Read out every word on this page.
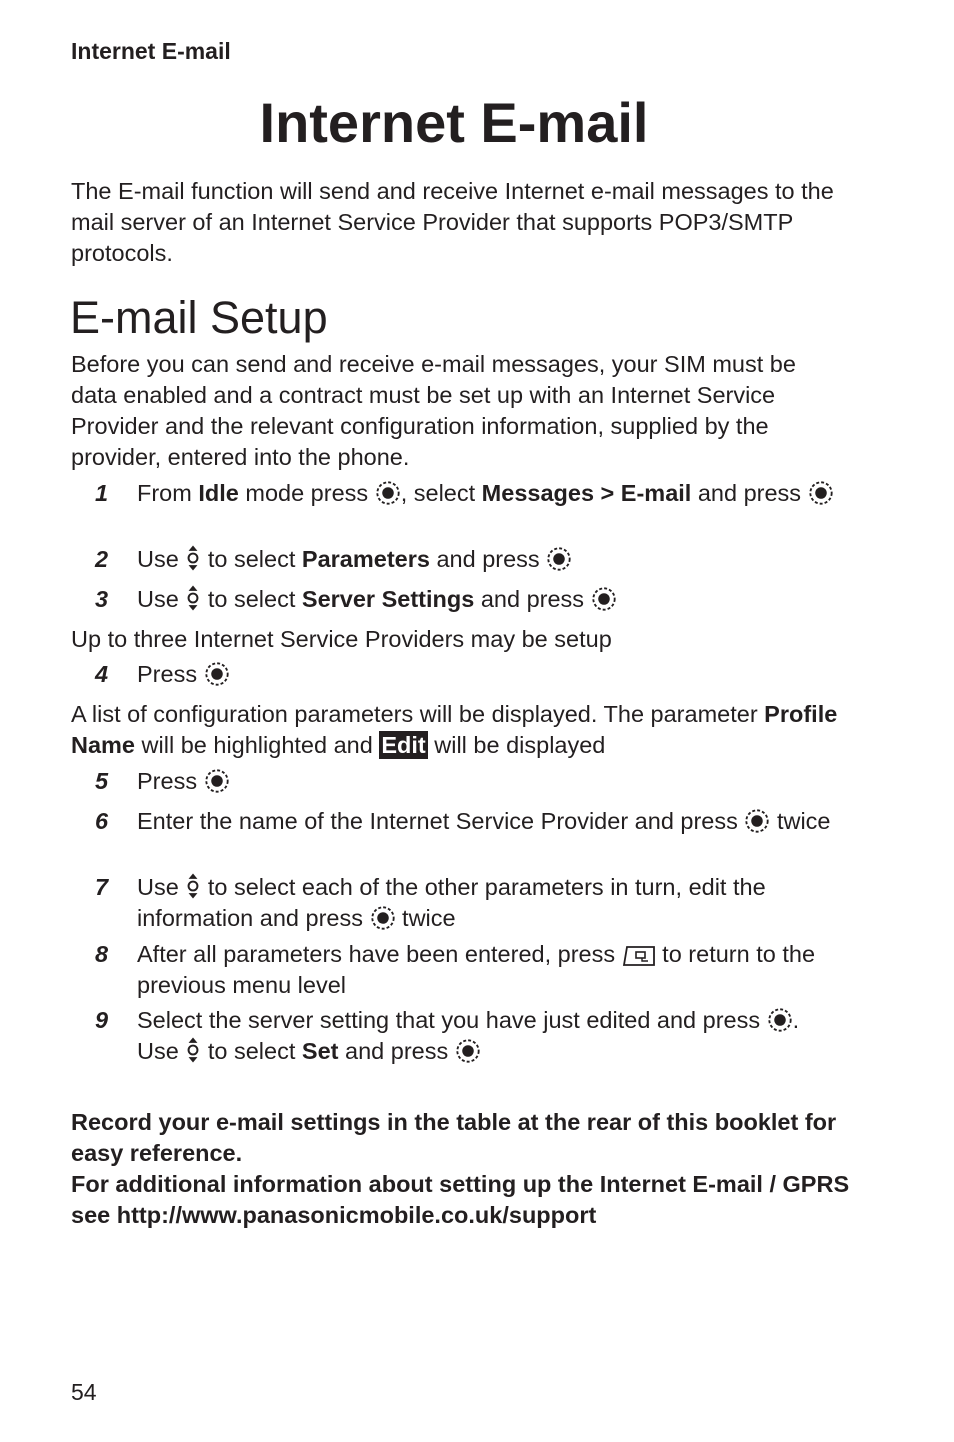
Internet E-mail
Internet E-mail

The E-mail function will send and receive Internet e-mail messages to the mail server of an Internet Service Provider that supports POP3/SMTP protocols.

E-mail Setup

Before you can send and receive e-mail messages, your SIM must be data enabled and a contract must be set up with an Internet Service Provider and the relevant configuration information, supplied by the provider, entered into the phone.

1 From Idle mode press
, select Messages > E-mail and press
2 Use
to select Parameters and press
3 Use
to select Server Settings and press

Up to three Internet Service Providers may be setup

4 Press

A list of configuration parameters will be displayed. The parameter Profile Name will be highlighted and Edit will be displayed

5 Press
6 Enter the name of the Internet Service Provider and press
twice
7 Use
to select each of the other parameters in turn, edit the information and press
twice
8 After all parameters have been entered, press
to return to the previous menu level
9 Select the server setting that you have just edited and press
. Use
to select Set and press
Record your e-mail settings in the table at the rear of this booklet for easy reference.
For additional information about setting up the Internet E-mail / GPRS see http://www.panasonicmobile.co.uk/support
54
